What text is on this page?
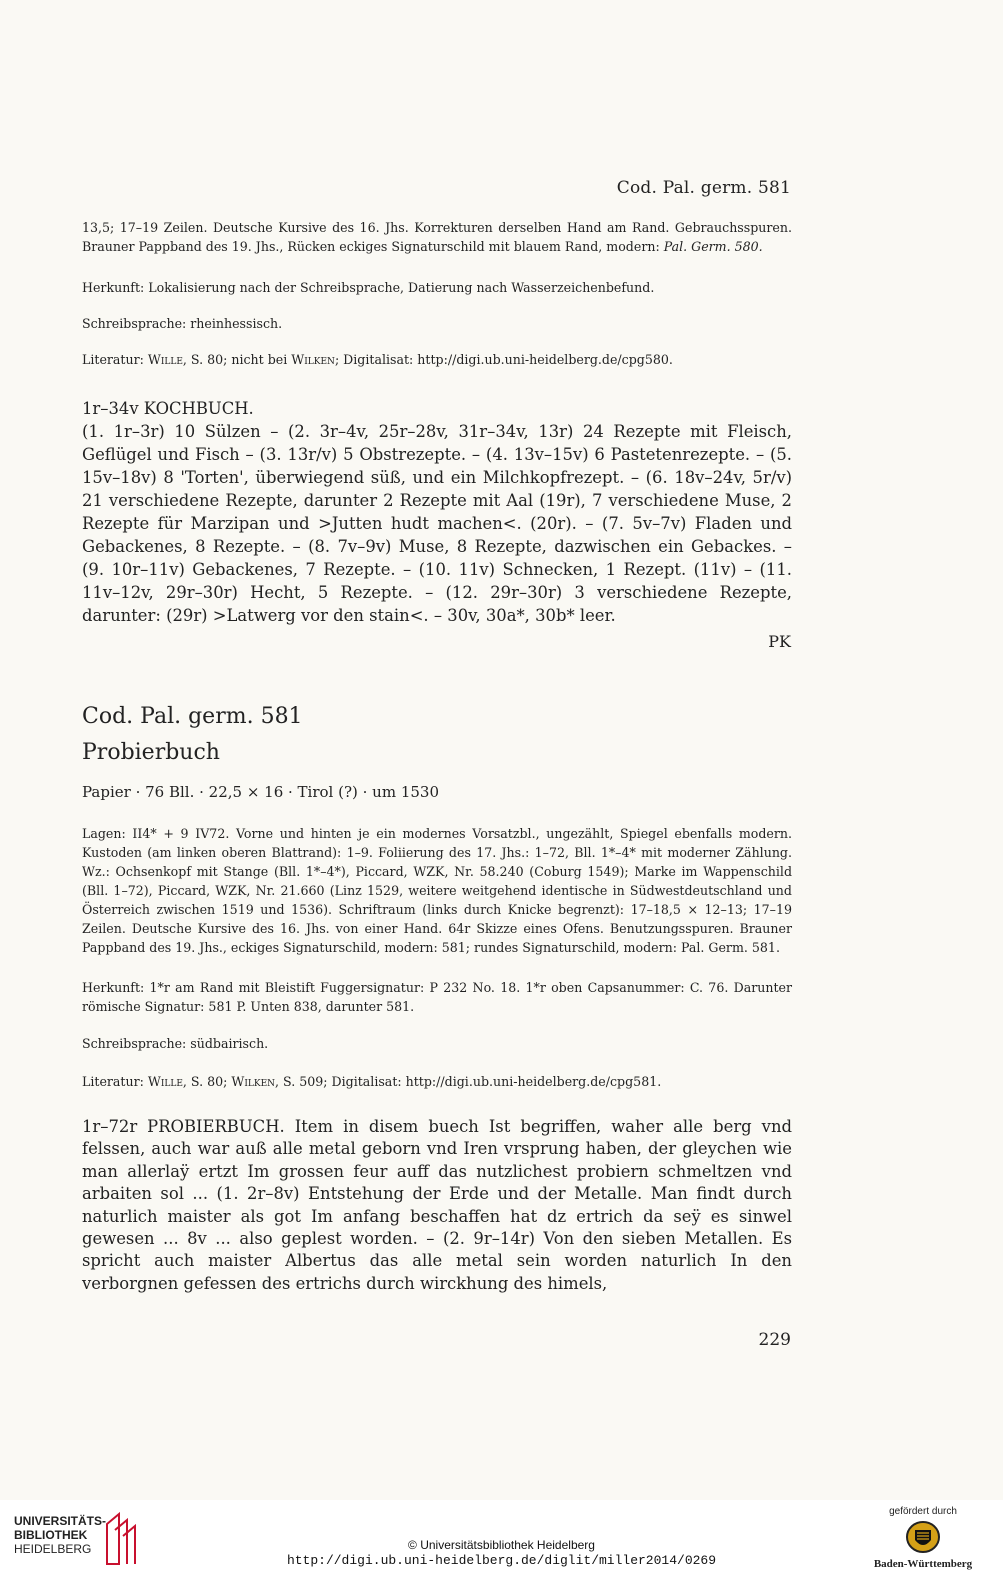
Cod. Pal. germ. 581

13,5; 17–19 Zeilen. Deutsche Kursive des 16. Jhs. Korrekturen derselben Hand am Rand. Gebrauchsspuren. Brauner Pappband des 19. Jhs., Rücken eckiges Signaturschild mit blauem Rand, modern: Pal. Germ. 580.

Herkunft: Lokalisierung nach der Schreibsprache, Datierung nach Wasserzeichenbefund.

Schreibsprache: rheinhessisch.

Literatur: Wille, S. 80; nicht bei Wilken; Digitalisat: http://digi.ub.uni-heidelberg.de/cpg580.

1r–34v KOCHBUCH.

(1. 1r–3r) 10 Sülzen – (2. 3r–4v, 25r–28v, 31r–34v, 13r) 24 Rezepte mit Fleisch, Geflügel und Fisch – (3. 13r/v) 5 Obstrezepte. – (4. 13v–15v) 6 Pastetenrezepte. – (5. 15v–18v) 8 'Torten', überwiegend süß, und ein Milchkopfrezept. – (6. 18v–24v, 5r/v) 21 verschiedene Rezepte, darunter 2 Rezepte mit Aal (19r), 7 verschiedene Muse, 2 Rezepte für Marzipan und >Jutten hudt machen<. (20r). – (7. 5v–7v) Fladen und Gebackenes, 8 Rezepte. – (8. 7v–9v) Muse, 8 Rezepte, dazwischen ein Gebackes. – (9. 10r–11v) Gebackenes, 7 Rezepte. – (10. 11v) Schnecken, 1 Rezept. (11v) – (11. 11v–12v, 29r–30r) Hecht, 5 Rezepte. – (12. 29r–30r) 3 verschiedene Rezepte, darunter: (29r) >Latwerg vor den stain<. – 30v, 30a*, 30b* leer.

PK
Cod. Pal. germ. 581
Probierbuch

Papier · 76 Bll. · 22,5 × 16 · Tirol (?) · um 1530

Lagen: II4* + 9 IV72. Vorne und hinten je ein modernes Vorsatzbl., ungezählt, Spiegel ebenfalls modern. Kustoden (am linken oberen Blattrand): 1–9. Foliierung des 17. Jhs.: 1–72, Bll. 1*–4* mit moderner Zählung. Wz.: Ochsenkopf mit Stange (Bll. 1*–4*), Piccard, WZK, Nr. 58.240 (Coburg 1549); Marke im Wappenschild (Bll. 1–72), Piccard, WZK, Nr. 21.660 (Linz 1529, weitere weitgehend identische in Südwestdeutschland und Österreich zwischen 1519 und 1536). Schriftraum (links durch Knicke begrenzt): 17–18,5 × 12–13; 17–19 Zeilen. Deutsche Kursive des 16. Jhs. von einer Hand. 64r Skizze eines Ofens. Benutzungsspuren. Brauner Pappband des 19. Jhs., eckiges Signaturschild, modern: 581; rundes Signaturschild, modern: Pal. Germ. 581.

Herkunft: 1*r am Rand mit Bleistift Fuggersignatur: P 232 No. 18. 1*r oben Capsanummer: C. 76. Darunter römische Signatur: 581 P. Unten 838, darunter 581.

Schreibsprache: südbairisch.

Literatur: Wille, S. 80; Wilken, S. 509; Digitalisat: http://digi.ub.uni-heidelberg.de/cpg581.

1r–72r PROBIERBUCH. Item in disem buech Ist begriffen, waher alle berg vnd felssen, auch war auß alle metal geborn vnd Iren vrsprung haben, der gleychen wie man allerlaÿ ertzt Im grossen feur auff das nutzlichest probiern schmeltzen vnd arbaiten sol ... (1. 2r–8v) Entstehung der Erde und der Metalle. Man findt durch naturlich maister als got Im anfang beschaffen hat dz ertrich da seÿ es sinwel gewesen ... 8v ... also geplest worden. – (2. 9r–14r) Von den sieben Metallen. Es spricht auch maister Albertus das alle metal sein worden naturlich In den verborgnen gefessen des ertrichs durch wirckhung des himels,

229
UNIVERSITÄTS-
BIBLIOTHEK
HEIDELBERG	© Universitätsbibliothek Heidelberg
http://digi.ub.uni-heidelberg.de/diglit/miller2014/0269
gefördert durch
Baden-Württemberg
